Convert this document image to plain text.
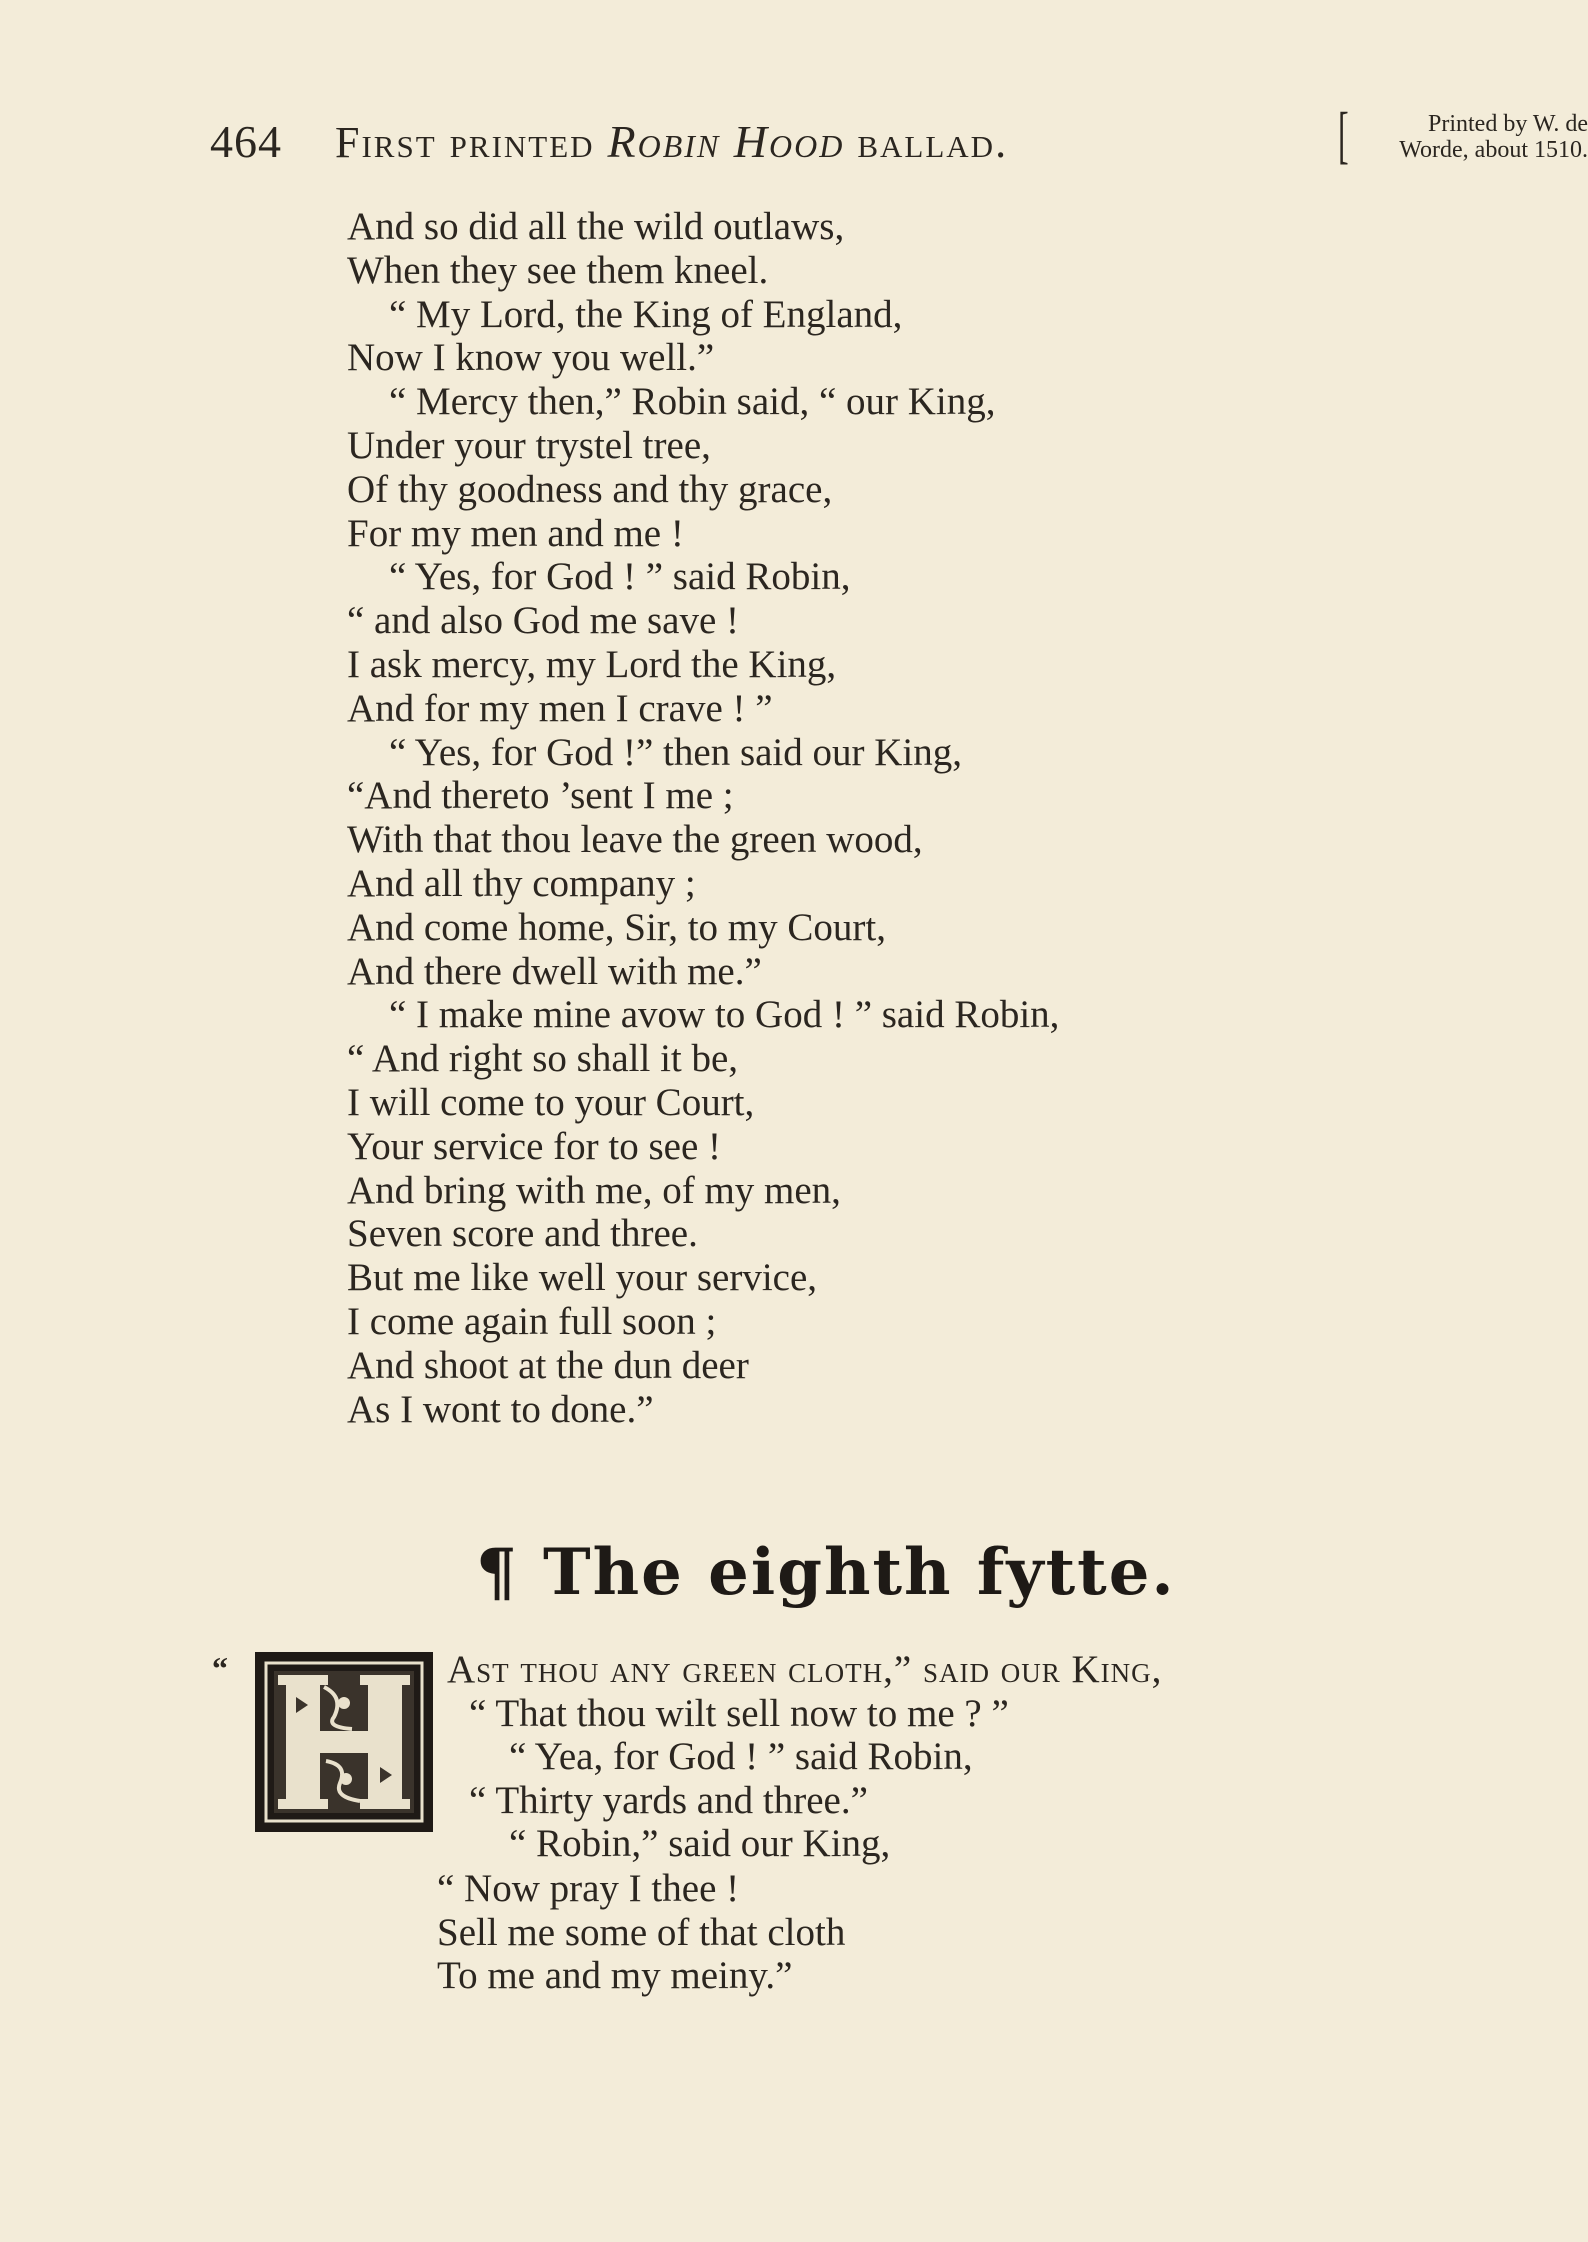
464 First printed Robin Hood ballad.	[	Printed by W. de
Worde, about 1510.
And so did all the wild outlaws,
When they see them kneel.
“ My Lord, the King of England,
Now I know you well.”
“ Mercy then,” Robin said, “ our King,
Under your trystel tree,
Of thy goodness and thy grace,
For my men and me !
“ Yes, for God ! ” said Robin,
“ and also God me save !
I ask mercy, my Lord the King,
And for my men I crave ! ”
“ Yes, for God !” then said our King,
“And thereto ’sent I me ;
With that thou leave the green wood,
And all thy company ;
And come home, Sir, to my Court,
And there dwell with me.”
“ I make mine avow to God ! ” said Robin,
“ And right so shall it be,
I will come to your Court,
Your service for to see !
And bring with me, of my men,
Seven score and three.
But me like well your service,
I come again full soon ;
And shoot at the dun deer
As I wont to done.”
¶ The eighth fytte.
“	Ast thou any green cloth,” said our King,
“ That thou wilt sell now to me ? ”
“ Yea, for God ! ” said Robin,
“ Thirty yards and three.”
“ Robin,” said our King,
“ Now pray I thee !
Sell me some of that cloth
To me and my meiny.”
